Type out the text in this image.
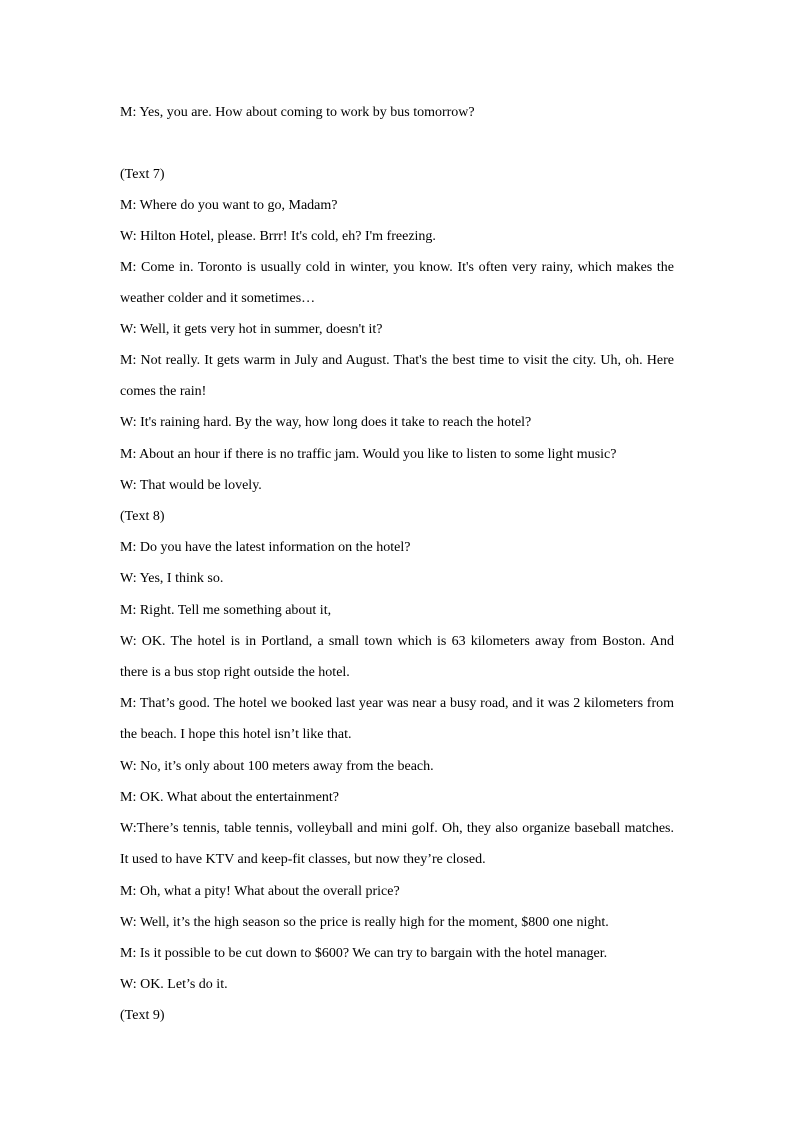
M: Yes, you are. How about coming to work by bus tomorrow?
(Text 7)
M: Where do you want to go, Madam?
W: Hilton Hotel, please. Brrr! It's cold, eh? I'm freezing.

M: Come in. Toronto is usually cold in winter, you know. It's often very rainy, which makes the weather colder and it sometimes…

W: Well, it gets very hot in summer, doesn't it?

M: Not really. It gets warm in July and August. That's the best time to visit the city. Uh, oh. Here comes the rain!

W: It's raining hard. By the way, how long does it take to reach the hotel?
M: About an hour if there is no traffic jam. Would you like to listen to some light music?
W: That would be lovely.
(Text 8)
M: Do you have the latest information on the hotel?
W: Yes, I think so.
M: Right. Tell me something about it,

W: OK. The hotel is in Portland, a small town which is 63 kilometers away from Boston. And there is a bus stop right outside the hotel.

M: That’s good. The hotel we booked last year was near a busy road, and it was 2 kilometers from the beach. I hope this hotel isn’t like that.

W: No, it’s only about 100 meters away from the beach.
M: OK. What about the entertainment?

W:There’s tennis, table tennis, volleyball and mini golf. Oh, they also organize baseball matches. It used to have KTV and keep-fit classes, but now they’re closed.

M: Oh, what a pity! What about the overall price?
W: Well, it’s the high season so the price is really high for the moment, $800 one night.
M: Is it possible to be cut down to $600? We can try to bargain with the hotel manager.
W: OK. Let’s do it.
(Text 9)
